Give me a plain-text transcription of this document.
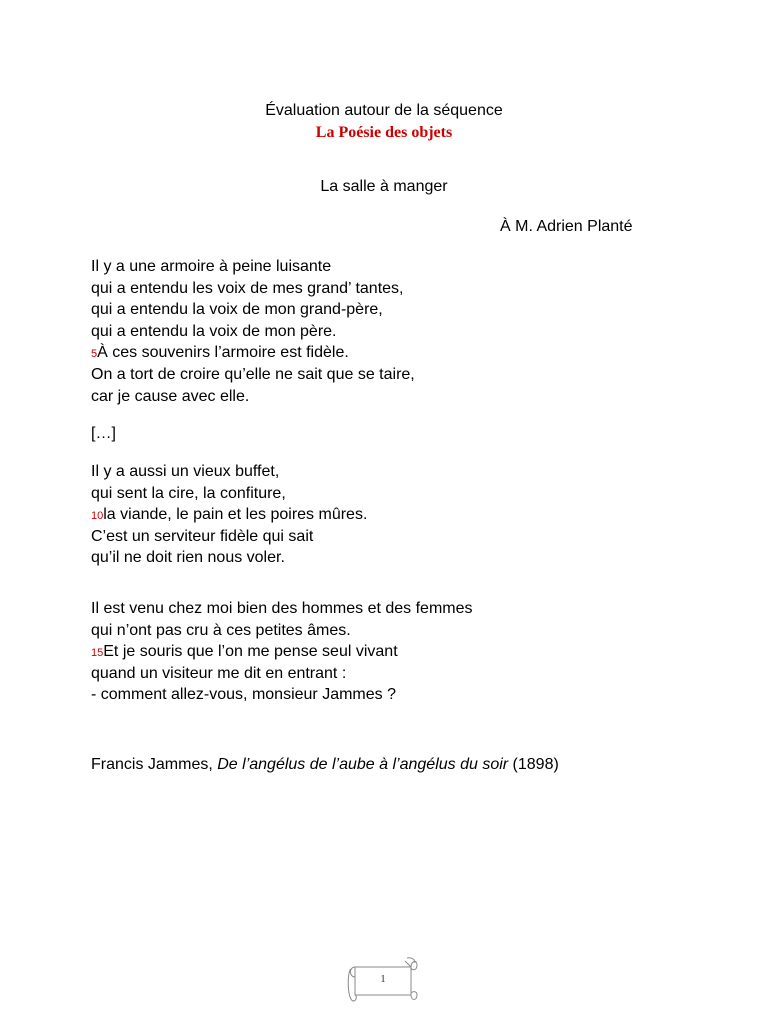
Évaluation autour de la séquence
La Poésie des objets
La salle à manger
À M. Adrien Planté
Il y a une armoire à peine luisante
qui a entendu les voix de mes grand’ tantes,
qui a entendu la voix de mon grand-père,
qui a entendu la voix de mon père.
5À ces souvenirs l’armoire est fidèle.
On a tort de croire qu’elle ne sait que se taire,
car je cause avec elle.
[…]
Il y a aussi un vieux buffet,
qui sent la cire, la confiture,
10la viande, le pain et les poires mûres.
C’est un serviteur fidèle qui sait
qu’il ne doit rien nous voler.
Il est venu chez moi bien des hommes et des femmes
qui n’ont pas cru à ces petites âmes.
15Et je souris que l’on me pense seul vivant
quand un visiteur me dit en entrant :
- comment allez-vous, monsieur Jammes ?
Francis Jammes, De l’angélus de l’aube à l’angélus du soir (1898)
1
